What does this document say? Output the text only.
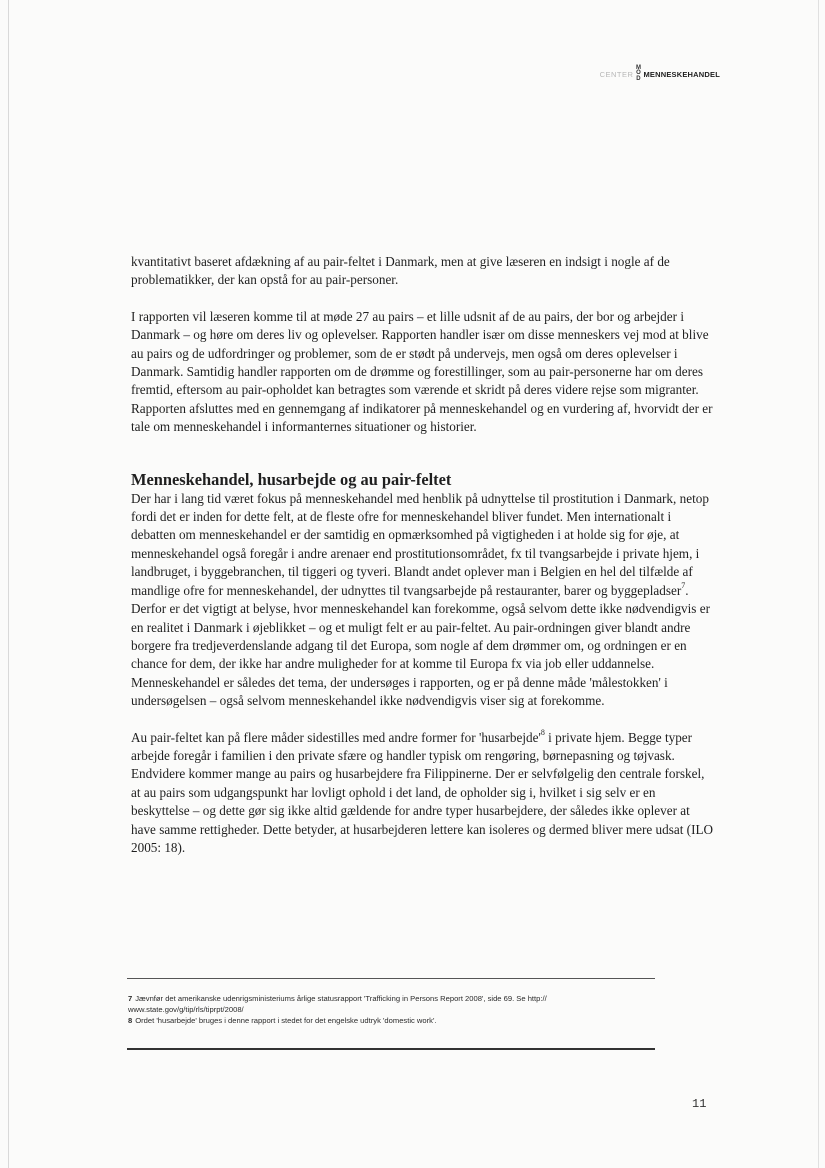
CENTER
MOD
MENNESKEHANDEL

kvantitativt baseret afdækning af au pair-feltet i Danmark, men at give læseren en indsigt i nogle af de problematikker, der kan opstå for au pair-personer.

I rapporten vil læseren komme til at møde 27 au pairs – et lille udsnit af de au pairs, der bor og arbejder i Danmark – og høre om deres liv og oplevelser. Rapporten handler især om disse menneskers vej mod at blive au pairs og de udfordringer og problemer, som de er stødt på undervejs, men også om deres oplevelser i Danmark. Samtidig handler rapporten om de drømme og forestillinger, som au pair-personerne har om deres fremtid, eftersom au pair-opholdet kan betragtes som værende et skridt på deres videre rejse som migranter. Rapporten afsluttes med en gennemgang af indikatorer på menneskehandel og en vurdering af, hvorvidt der er tale om menneskehandel i informanternes situationer og historier.

Menneskehandel, husarbejde og au pair-feltet

Der har i lang tid været fokus på menneskehandel med henblik på udnyttelse til prostitution i Danmark, netop fordi det er inden for dette felt, at de fleste ofre for menneskehandel bliver fundet. Men internationalt i debatten om menneskehandel er der samtidig en opmærksomhed på vigtigheden i at holde sig for øje, at menneskehandel også foregår i andre arenaer end prostitutionsområdet, fx til tvangsarbejde i private hjem, i landbruget, i byggebranchen, til tiggeri og tyveri. Blandt andet oplever man i Belgien en hel del tilfælde af mandlige ofre for menneskehandel, der udnyttes til tvangsarbejde på restauranter, barer og byggepladser$^7$. Derfor er det vigtigt at belyse, hvor menneskehandel kan forekomme, også selvom dette ikke nødvendigvis er en realitet i Danmark i øjeblikket – og et muligt felt er au pair-feltet. Au pair-ordningen giver blandt andre borgere fra tredjeverdenslande adgang til det Europa, som nogle af dem drømmer om, og ordningen er en chance for dem, der ikke har andre muligheder for at komme til Europa fx via job eller uddannelse. Menneskehandel er således det tema, der undersøges i rapporten, og er på denne måde 'målestokken' i undersøgelsen – også selvom menneskehandel ikke nødvendigvis viser sig at forekomme.

Au pair-feltet kan på flere måder sidestilles med andre former for '$husarbejde'^8$ i private hjem. Begge typer arbejde foregår i familien i den private sfære og handler typisk om rengøring, børnepasning og tøjvask. Endvidere kommer mange au pairs og husarbejdere fra Filippinerne. Der er selvfølgelig den centrale forskel, at au pairs som udgangspunkt har lovligt ophold i det land, de opholder sig i, hvilket i sig selv er en beskyttelse – og dette gør sig ikke altid gældende for andre typer husarbejdere, der således ikke oplever at have samme rettigheder. Dette betyder, at husarbejderen lettere kan isoleres og dermed bliver mere udsat (ILO 2005: 18).

7 Jævnfør det amerikanske udenrigsministeriums årlige statusrapport 'Trafficking in Persons Report 2008', side 69. Se http:// www.state.gov/g/tip/rls/tiprpt/2008/

8 Ordet 'husarbejde' bruges i denne rapport i stedet for det engelske udtryk 'domestic work'.

11
